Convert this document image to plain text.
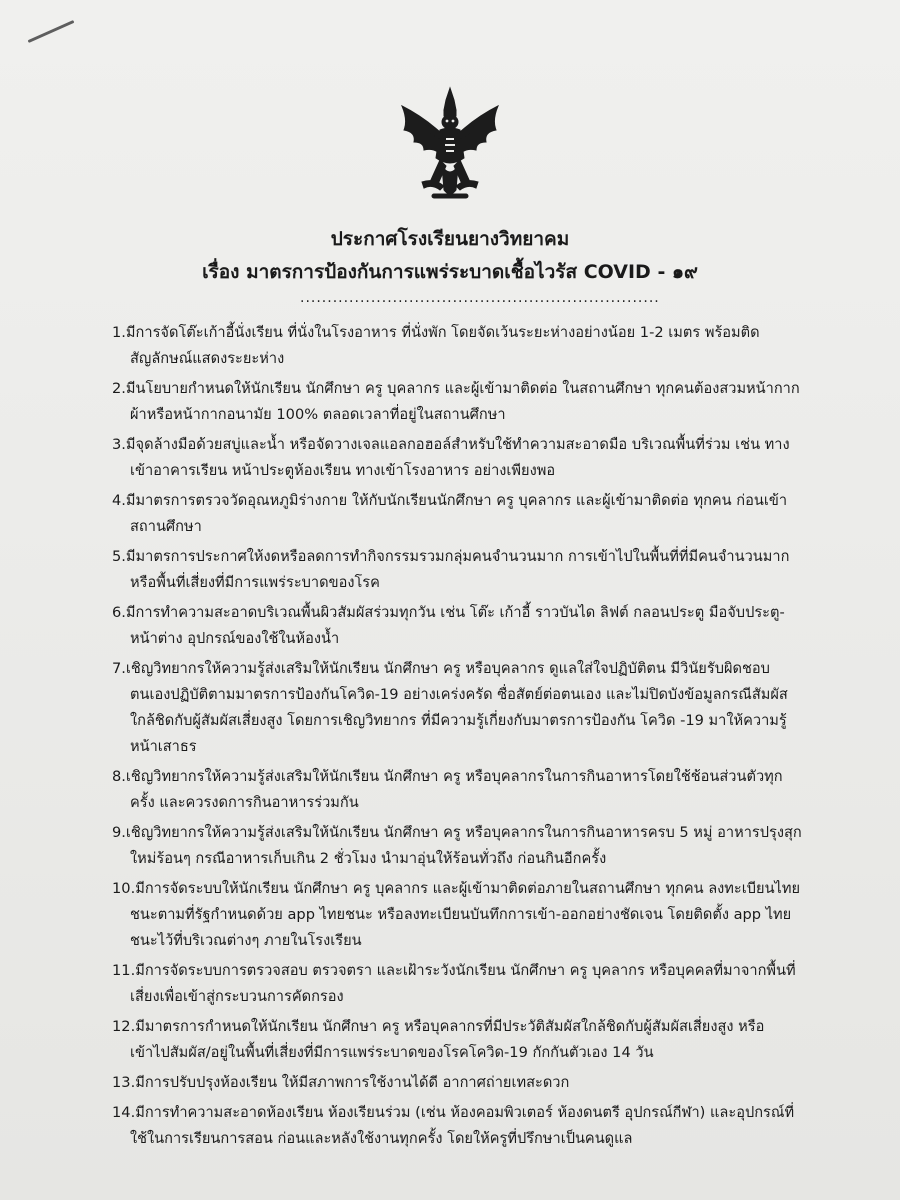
ประกาศโรงเรียนยางวิทยาคม
เรื่อง มาตรการป้องกันการแพร่ระบาดเชื้อไวรัส COVID - ๑๙
..................................................................
1.มีการจัดโต๊ะเก้าอี้นั่งเรียน ที่นั่งในโรงอาหาร ที่นั่งพัก โดยจัดเว้นระยะห่างอย่างน้อย 1-2 เมตร พร้อมติดสัญลักษณ์แสดงระยะห่าง
2.มีนโยบายกำหนดให้นักเรียน นักศึกษา ครู บุคลากร และผู้เข้ามาติดต่อ ในสถานศึกษา ทุกคนต้องสวมหน้ากากผ้าหรือหน้ากากอนามัย 100% ตลอดเวลาที่อยู่ในสถานศึกษา
3.มีจุดล้างมือด้วยสบู่และน้ำ หรือจัดวางเจลแอลกอฮอล์สำหรับใช้ทำความสะอาดมือ บริเวณพื้นที่ร่วม เช่น ทางเข้าอาคารเรียน หน้าประตูห้องเรียน ทางเข้าโรงอาหาร อย่างเพียงพอ
4.มีมาตรการตรวจวัดอุณหภูมิร่างกาย ให้กับนักเรียนนักศึกษา ครู บุคลากร และผู้เข้ามาติดต่อ ทุกคน ก่อนเข้าสถานศึกษา
5.มีมาตรการประกาศให้งดหรือลดการทำกิจกรรมรวมกลุ่มคนจำนวนมาก การเข้าไปในพื้นที่ที่มีคนจำนวนมากหรือพื้นที่เสี่ยงที่มีการแพร่ระบาดของโรค
6.มีการทำความสะอาดบริเวณพื้นผิวสัมผัสร่วมทุกวัน เช่น โต๊ะ เก้าอี้ ราวบันได ลิฟต์ กลอนประตู มือจับประตู-หน้าต่าง อุปกรณ์ของใช้ในห้องน้ำ
7.เชิญวิทยากรให้ความรู้ส่งเสริมให้นักเรียน นักศึกษา ครู หรือบุคลากร ดูแลใส่ใจปฏิบัติตน มีวินัยรับผิดชอบตนเองปฏิบัติตามมาตรการป้องกันโควิด-19 อย่างเคร่งครัด ซื่อสัตย์ต่อตนเอง และไม่ปิดบังข้อมูลกรณีสัมผัสใกล้ชิดกับผู้สัมผัสเสี่ยงสูง โดยการเชิญวิทยากร ที่มีความรู้เกี่ยงกับมาตรการป้องกัน โควิด -19 มาให้ความรู้หน้าเสาธร
8.เชิญวิทยากรให้ความรู้ส่งเสริมให้นักเรียน นักศึกษา ครู หรือบุคลากรในการกินอาหารโดยใช้ช้อนส่วนตัวทุกครั้ง และควรงดการกินอาหารร่วมกัน
9.เชิญวิทยากรให้ความรู้ส่งเสริมให้นักเรียน นักศึกษา ครู หรือบุคลากรในการกินอาหารครบ 5 หมู่ อาหารปรุงสุกใหม่ร้อนๆ กรณีอาหารเก็บเกิน 2 ชั่วโมง นำมาอุ่นให้ร้อนทั่วถึง ก่อนกินอีกครั้ง
10.มีการจัดระบบให้นักเรียน นักศึกษา ครู บุคลากร และผู้เข้ามาติดต่อภายในสถานศึกษา ทุกคน ลงทะเบียนไทยชนะตามที่รัฐกำหนดด้วย app ไทยชนะ หรือลงทะเบียนบันทึกการเข้า-ออกอย่างชัดเจน โดยติดตั้ง app ไทยชนะไว้ที่บริเวณต่างๆ ภายในโรงเรียน
11.มีการจัดระบบการตรวจสอบ ตรวจตรา และเฝ้าระวังนักเรียน นักศึกษา ครู บุคลากร หรือบุคคลที่มาจากพื้นที่เสี่ยงเพื่อเข้าสู่กระบวนการคัดกรอง
12.มีมาตรการกำหนดให้นักเรียน นักศึกษา ครู หรือบุคลากรที่มีประวัติสัมผัสใกล้ชิดกับผู้สัมผัสเสี่ยงสูง หรือเข้าไปสัมผัส/อยู่ในพื้นที่เสี่ยงที่มีการแพร่ระบาดของโรคโควิด-19 กักกันตัวเอง 14 วัน
13.มีการปรับปรุงห้องเรียน ให้มีสภาพการใช้งานได้ดี อากาศถ่ายเทสะดวก
14.มีการทำความสะอาดห้องเรียน ห้องเรียนร่วม (เช่น ห้องคอมพิวเตอร์ ห้องดนตรี อุปกรณ์กีฬา) และอุปกรณ์ที่ใช้ในการเรียนการสอน ก่อนและหลังใช้งานทุกครั้ง โดยให้ครูที่ปรึกษาเป็นคนดูแล
